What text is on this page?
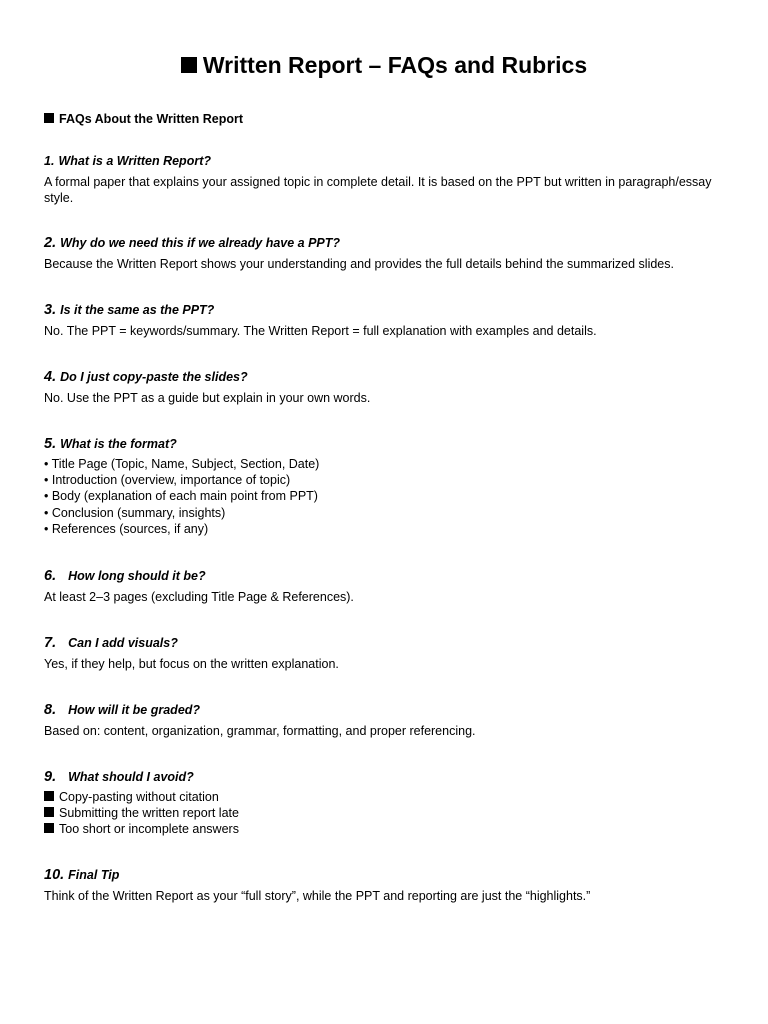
Written Report – FAQs and Rubrics
FAQs About the Written Report
1. What is a Written Report?
A formal paper that explains your assigned topic in complete detail. It is based on the PPT but written in paragraph/essay style.
2. Why do we need this if we already have a PPT?
Because the Written Report shows your understanding and provides the full details behind the summarized slides.
3. Is it the same as the PPT?
No. The PPT = keywords/summary. The Written Report = full explanation with examples and details.
4. Do I just copy-paste the slides?
No. Use the PPT as a guide but explain in your own words.
5. What is the format?
• Title Page (Topic, Name, Subject, Section, Date)
• Introduction (overview, importance of topic)
• Body (explanation of each main point from PPT)
• Conclusion (summary, insights)
• References (sources, if any)
6. How long should it be?
At least 2–3 pages (excluding Title Page & References).
7. Can I add visuals?
Yes, if they help, but focus on the written explanation.
8. How will it be graded?
Based on: content, organization, grammar, formatting, and proper referencing.
9. What should I avoid?
Copy-pasting without citation
Submitting the written report late
Too short or incomplete answers
10. Final Tip
Think of the Written Report as your “full story”, while the PPT and reporting are just the “highlights.”
